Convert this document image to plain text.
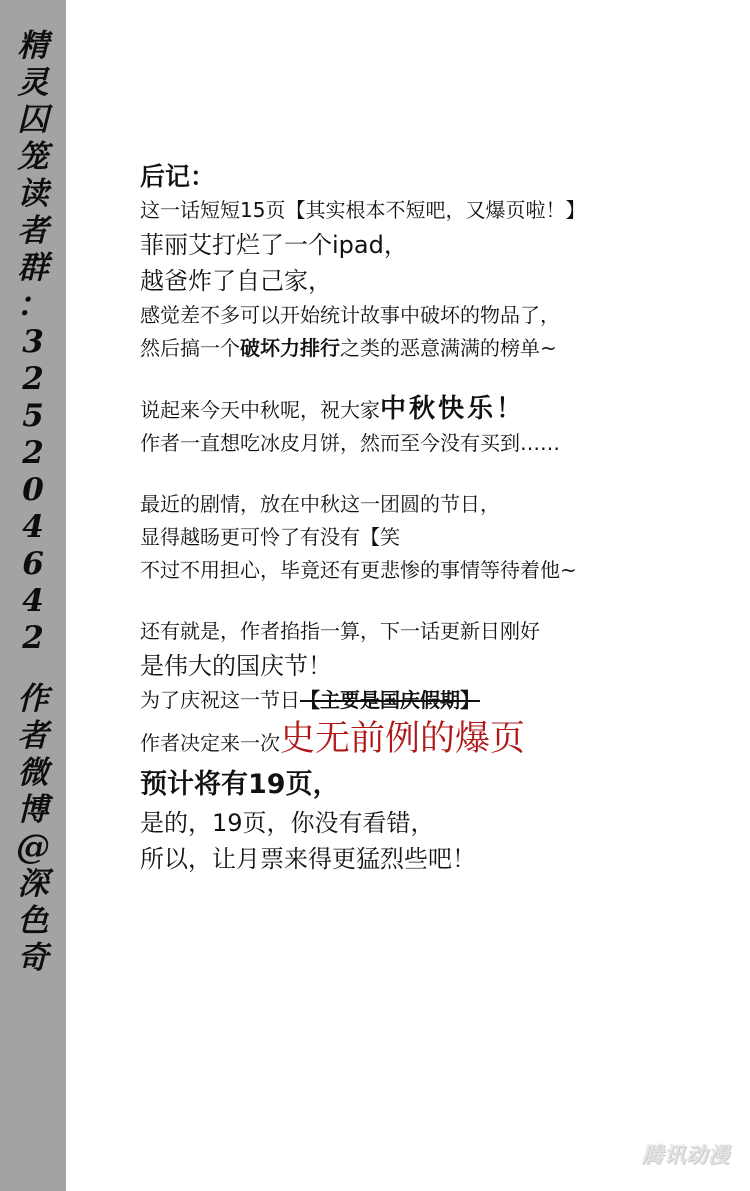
精
灵
囚
笼
读
者
群
：
3
2
5
2
0
4
6
4
2
作
者
微
博
@
深
色
奇
后记：
这一话短短15页【其实根本不短吧，又爆页啦！】
菲丽艾打烂了一个ipad，
越爸炸了自己家，
感觉差不多可以开始统计故事中破坏的物品了，
然后搞一个破坏力排行之类的恶意满满的榜单~
说起来今天中秋呢，祝大家中秋快乐！
作者一直想吃冰皮月饼，然而至今没有买到……
最近的剧情，放在中秋这一团圆的节日，
显得越旸更可怜了有没有【笑
不过不用担心，毕竟还有更悲惨的事情等待着他~
还有就是，作者掐指一算，下一话更新日刚好
是伟大的国庆节！
为了庆祝这一节日【主要是国庆假期】
作者决定来一次史无前例的爆页
预计将有19页，
是的，19页，你没有看错，
所以，让月票来得更猛烈些吧！
腾讯动漫
